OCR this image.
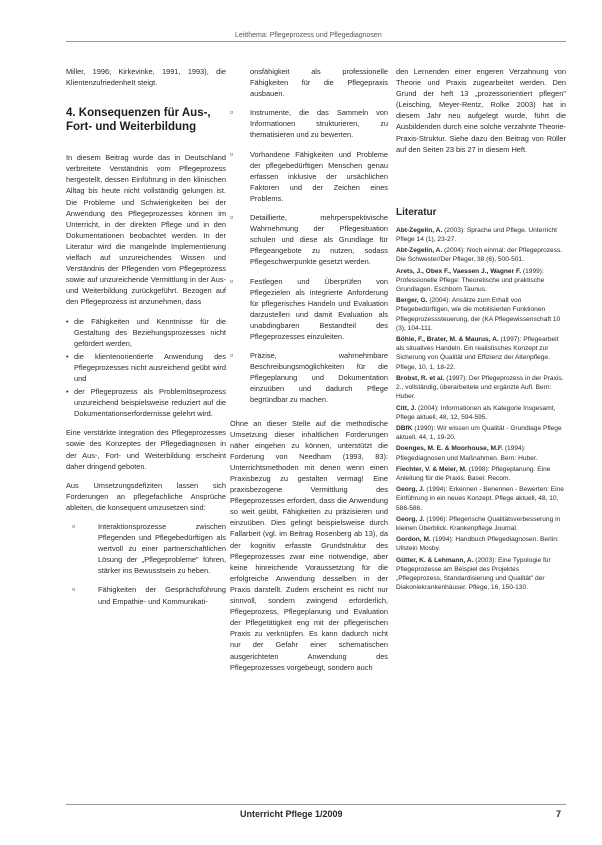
Leitthema: Pflegeprozess und Pflegediagnosen

Miller, 1996; Kirkevinke, 1991, 1993), die KlientenzufriedenheIt steigt.

4. Konsequenzen für Aus-, Fort- und Weiterbildung

In diesem Beitrag wurde das in Deutschland verbreitete Verständnis vom Pflegeprozess hergestellt, dessen Einführung in den klinischen Alltag bis heute nicht vollständig gelungen ist. Die Probleme und Schwierigkeiten bei der Anwendung des Pflegeprozesses können im Unterricht, in der direkten Pflege und in den Dokumentationen beobachtet werden. In der Literatur wird die mangelnde Implementierung vielfach auf unzureichendes Wissen und Verständnis der Pflegenden vom Pflegeprozess sowie auf unzureichende Vermittlung in der Aus- und Weiterbildung zurückgeführt. Bezogen auf den Pflegeprozess ist anzunehmen, dass

• die Fähigkeiten und Kenntnisse für die Gestaltung des Beziehungsprozesses nicht gefördert werden,
• die klientenorientierte Anwendung des Pflegeprozesses nicht ausreichend geübt wird und
• der Pflegeprozess als Problemlöseprozess unzureichend beispielsweise reduziert auf die Dokumentationserfordernisse gelehrt wird.

Eine verstärkte Integration des Pflegeprozesses sowie des Konzeptes der Pflegediagnosen in der Aus-, Fort- und Weiterbildung erscheint daher dringend geboten.

Aus Umsetzungsdefiziten lassen sich Forderungen an pflegefachliche Ansprüche ableiten, die konsequent umzusetzen sind:

▫	Interaktionsprozesse zwischen Pflegenden und Pflegebedürftigen als wertvoll zu einer partnerschaftlichen Lösung der „Pflegeprobleme" führen, stärker ins Bewusstsein zu heben.
▫	Fähigkeiten der Gesprächsführung und Empathie- und Kommunikati-

onsfähigkeit als professionelle Fähigkeiten für die Pflegepraxis ausbauen.

▫	Instrumente, die das Sammeln von Informationen strukturieren, zu thematisieren und zu bewerten.
▫	Vorhandene Fähigkeiten und Probleme der pflegebedürftigen Menschen genau erfassen inklusive der ursächlichen Faktoren und der Zeichen eines Problems.
▫	Detaillierte, mehrperspektivische Wahrnehmung der Pflegesituation schulen und diese als Grundlage für Pflegeangebote zu nutzen, sodass Pflegeschwerpunkte gesetzt werden.
▫	Festlegen und Überprüfen von Pflegezielen als integrierte Anforderung für pflegerisches Handeln und Evaluation darzustellen und damit Evaluation als unabdingbaren Bestandteil des Pflegeprozesses einzuleiten.
▫	Präzise, wahrnehmbare Beschreibungsmöglichkeiten für die Pflegeplanung und Dokumentation einzuüben und dadurch Pflege begründbar zu machen.

Ohne an dieser Stelle auf die methodische Umsetzung dieser inhaltlichen Forderungen näher eingehen zu können, unterstützt die Forderung von Needham (1993, 83): Unterrichtsmethoden mit denen wenn einen Praxisbezug zu gestalten vermag! Eine praxisbezogene Vermittlung des Pflegeprozesses erfordert, dass die Anwendung so weit geübt, Fähigkeiten zu präzisieren und einzuüben. Dies gelingt beispielsweise durch Fallarbeit (vgl. im Beitrag Rosenberg ab 13), da der kognitiv erfasste Grundstruktur des Pflegeprozesses zwar eine notwendige, aber keine hinreichende Voraussetzung für die erfolgreiche Anwendung desselben in der Praxis darstellt. Zudem erscheint es nicht nur sinnvoll, sondern zwingend erforderlich, Pflegeprozess, Pflegeplanung und Evaluation der Pflegetätigkeit eng mit der pflegerischen Praxis zu verknüpfen. Es kann dadurch nicht nur der Gefahr einer schematischen ausgerichteten Anwendung des Pflegeprozesses vorgebeugt, sondern auch

den Lernenden einer engeren Verzahnung von Theorie und Praxis zugearbeitet werden. Den Grund der heft 13 „prozessorientiert pflegen" (Leisching, Meyer-Rentz, Rolke 2003) hat in diesem Jahr neu aufgelegt wurde, führt die Ausbildenden durch eine solche verzahnte Theorie-Praxis-Struktur. Siehe dazu den Beitrag von Rüller auf den Seiten 23 bis 27 in diesem Heft.

Literatur

Abt-Zegelin, A. (2003): Sprache und Pflege. Unterricht Pflege 14 (1), 23-27.

Abt-Zegelin, A. (2004): Noch einmal: der Pflegeprozess. Die Schwester/Der Pfleger, 38 (6), 500-501.

Arets, J., Obex F., Vaessen J., Wagner F. (1999): Professionelle Pflege: Theoretische und praktische Grundlagen. Eschborn Taunus.

Berger, G. (2004): Ansätze zum Erhalt von Pflegebedürftigen, wie die mobilisierten Funktionen Pflegeprozesssteuerung, der (KA Pflegewissenschaft 10 (3), 104-111.

Böhle, F., Brater, M. & Maurus, A. (1997): Pflegearbeit als situatives Handeln. Ein realistisches Konzept zur Sicherung von Qualität und Effizienz der Altenpflege. Pflege, 10, 1, 18-22.

Brobst, R. et al. (1997): Der Pflegeprozess in der Praxis. 2., vollständig, überarbeitete und ergänzte Aufl. Bern: Huber.

Citt, J. (2004): Informationen als Kategorie Insgesamt, Pflege aktuell, 48, 12, 594-595.

DBfK (1990): Wir wissen um Qualität - Grundlage Pflege aktuell, 44, 1, 19-20.

Doenges, M. E. & Moorhouse, M.F. (1994): Pflegediagnosen und Maßnahmen. Bern: Huber.

Fiechter, V. & Meier, M. (1998): Pflegeplanung. Eine Anleitung für die Praxis. Basel: Recom.

Georg, J. (1994): Erkennen - Benennen - Bewerten: Eine Einführung in ein neues Konzept. Pflege aktuell, 48, 10, 586-586.

Georg, J. (1996): Pflegerische Qualitätsverbesserung in kleinen Überblick. Krankenpflege Journal.

Gordon, M. (1994): Handbuch Pflegediagnosen. Berlin: Ullstein Mosby.

Gütter, K. & Lehmann, A. (2003): Eine Typologie für Pflegeprozesse am Beispiel des Projektes „Pflegeprozess, Standardisierung und Qualität" der Diakoniekrankenhäuser. Pflege, 16, 150-130.

Unterricht Pflege 1/2009	7
